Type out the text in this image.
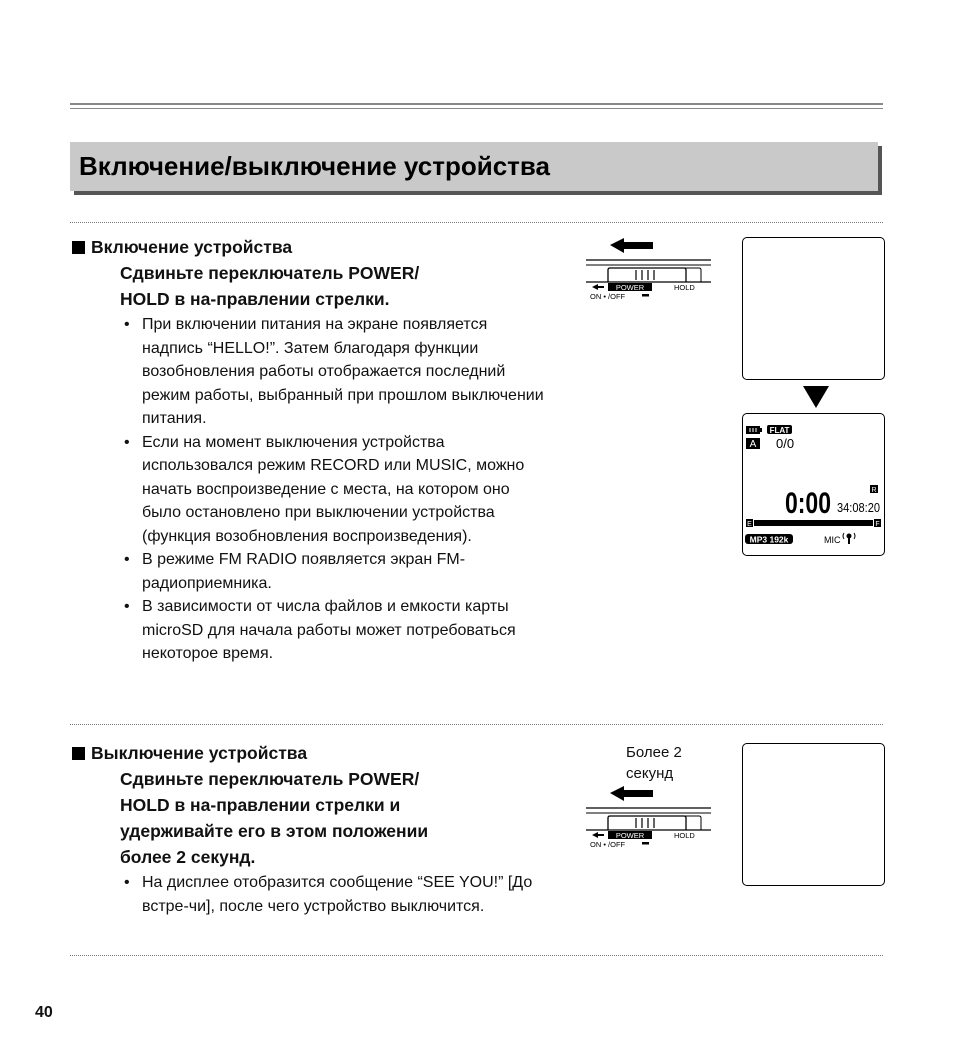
Включение/выключение устройства
Включение устройства
Сдвиньте переключатель POWER/
HOLD в на-правлении стрелки.
• При включении питания на экране появляется надпись “HELLO!”. Затем благодаря функции возобновления работы отображается последний режим работы, выбранный при прошлом выключении питания.
• Если на момент выключения устройства использовался режим RECORD или MUSIC, можно начать воспроизведение с места, на котором оно было остановлено при выключении устройства (функция возобновления воспроизведения).
• В режиме FM RADIO появляется экран FM-радиоприемника.
• В зависимости от числа файлов и емкости карты microSD для начала работы может потребоваться некоторое время.
Выключение устройства
Сдвиньте переключатель POWER/
HOLD в на-правлении стрелки и
удерживайте его в этом положении
более 2 секунд.
• На дисплее отобразится сообщение “SEE YOU!” [До встре-чи], после чего устройство выключится.
Более 2
секунд
POWER	HOLD
ON • /OFF
POWER	HOLD
ON • /OFF
FLAT
A 0/0
R
0:00 34:08:20
E	F
MP3 192k	MIC
40
